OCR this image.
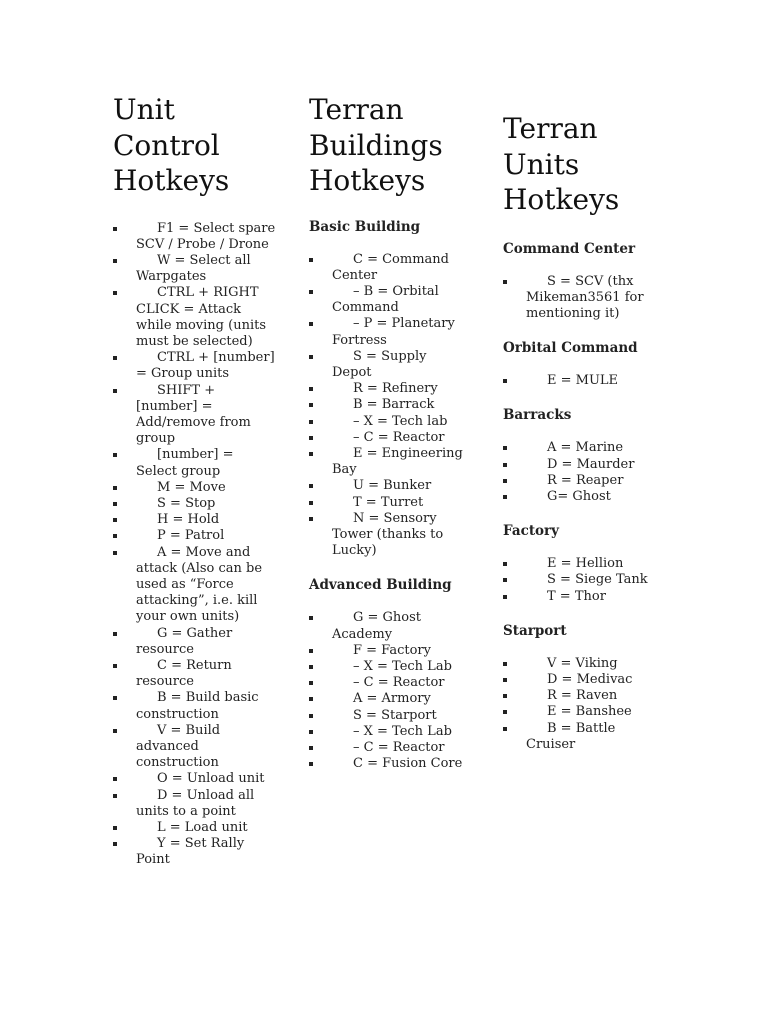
Unit Control Hotkeys
F1 = Select spare SCV / Probe / Drone
W = Select all Warpgates
CTRL + RIGHT CLICK = Attack while moving (units must be selected)
CTRL + [number] = Group units
SHIFT + [number] = Add/remove from group
[number] = Select group
M = Move
S = Stop
H = Hold
P = Patrol
A = Move and attack (Also can be used as “Force attacking”, i.e. kill your own units)
G = Gather resource
C = Return resource
B = Build basic construction
V = Build advanced construction
O = Unload unit
D = Unload all units to a point
L = Load unit
Y = Set Rally Point
Terran Buildings Hotkeys
Basic Building
C = Command Center
– B = Orbital Command
– P = Planetary Fortress
S = Supply Depot
R = Refinery
B = Barrack
– X = Tech lab
– C = Reactor
E = Engineering Bay
U = Bunker
T = Turret
N = Sensory Tower (thanks to Lucky)
Advanced Building
G = Ghost Academy
F = Factory
– X = Tech Lab
– C = Reactor
A = Armory
S = Starport
– X = Tech Lab
– C = Reactor
C = Fusion Core
Terran Units Hotkeys
Command Center
S = SCV (thx Mikeman3561 for mentioning it)
Orbital Command
E = MULE
Barracks
A = Marine
D = Maurder
R = Reaper
G= Ghost
Factory
E = Hellion
S = Siege Tank
T = Thor
Starport
V = Viking
D = Medivac
R = Raven
E = Banshee
B = Battle Cruiser
